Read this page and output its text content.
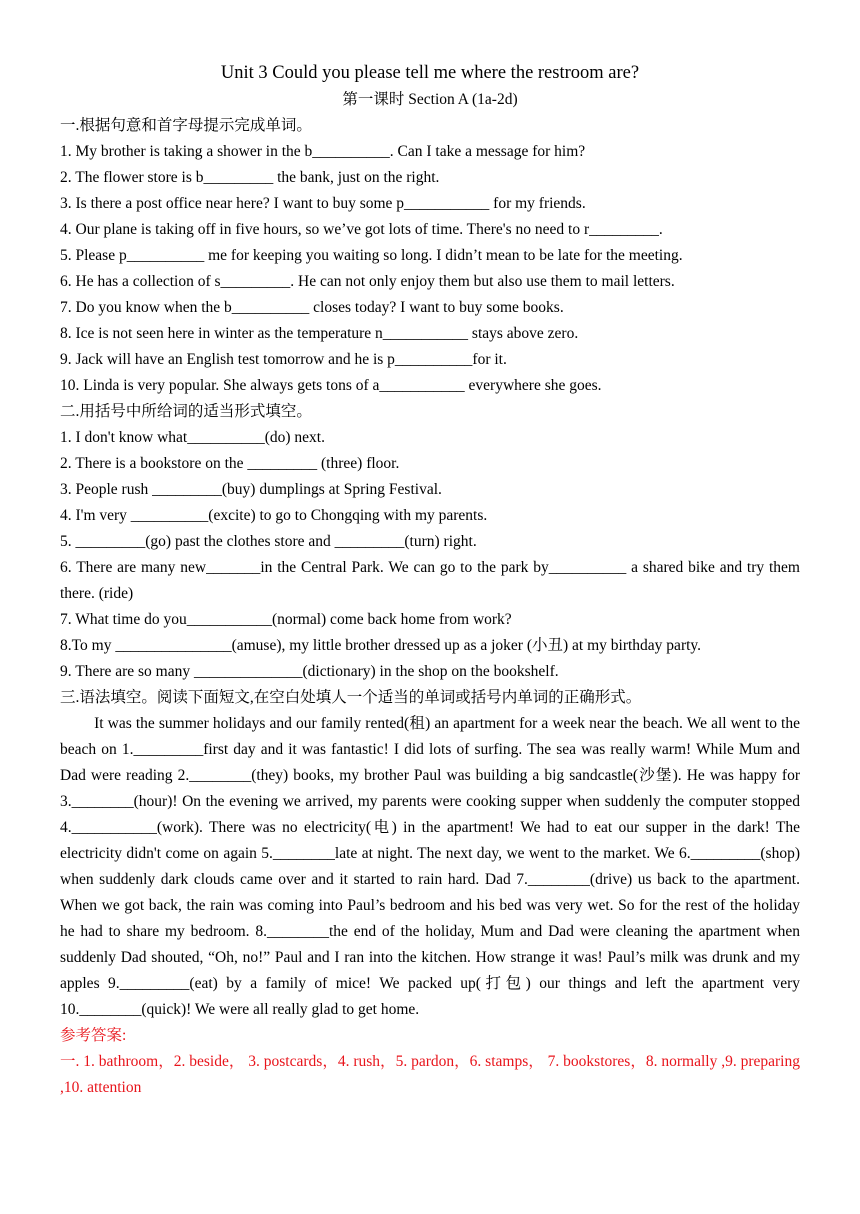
Unit 3 Could you please tell me where the restroom are?
第一课时 Section A (1a-2d)
一.根据句意和首字母提示完成单词。
1. My brother is taking a shower in the b__________. Can I take a message for him?
2. The flower store is b_________ the bank, just on the right.
3. Is there a post office near here? I want to buy some p___________ for my friends.
4. Our plane is taking off in five hours, so we’ve got lots of time. There's no need to r_________.
5. Please p__________ me for keeping you waiting so long. I didn’t mean to be late for the meeting.
6. He has a collection of s_________. He can not only enjoy them but also use them to mail letters.
7. Do you know when the b__________ closes today? I want to buy some books.
8. Ice is not seen here in winter as the temperature n___________ stays above zero.
9. Jack will have an English test tomorrow and he is p__________for it.
10. Linda is very popular. She always gets tons of a___________ everywhere she goes.
二.用括号中所给词的适当形式填空。
1. I don't know what__________(do) next.
2. There is a bookstore on the _________ (three) floor.
3. People rush _________(buy) dumplings at Spring Festival.
4. I'm very __________(excite) to go to Chongqing with my parents.
5. _________(go) past the clothes store and _________(turn) right.
6. There are many new_______in the Central Park. We can go to the park by__________ a shared bike and try them there. (ride)
7. What time do you___________(normal) come back home from work?
8.To my _______________(amuse), my little brother dressed up as a joker (小丑) at my birthday party.
9. There are so many ______________(dictionary) in the shop on the bookshelf.
三.语法填空。阅读下面短文,在空白处填人一个适当的单词或括号内单词的正确形式。
It was the summer holidays and our family rented(租) an apartment for a week near the beach. We all went to the beach on 1._________first day and it was fantastic! I did lots of surfing. The sea was really warm! While Mum and Dad were reading 2.________(they) books, my brother Paul was building a big sandcastle(沙堡). He was happy for 3.________(hour)! On the evening we arrived, my parents were cooking supper when suddenly the computer stopped 4.___________(work). There was no electricity(电) in the apartment! We had to eat our supper in the dark! The electricity didn't come on again 5.________late at night. The next day, we went to the market. We 6._________(shop) when suddenly dark clouds came over and it started to rain hard. Dad 7.________(drive) us back to the apartment. When we got back, the rain was coming into Paul’s bedroom and his bed was very wet. So for the rest of the holiday he had to share my bedroom. 8.________the end of the holiday, Mum and Dad were cleaning the apartment when suddenly Dad shouted, “Oh, no!” Paul and I ran into the kitchen. How strange it was! Paul’s milk was drunk and my apples 9._________(eat) by a family of mice! We packed up(打包) our things and left the apartment very 10.________(quick)! We were all really glad to get home.
参考答案:
一. 1. bathroom，2. beside， 3. postcards，4. rush，5. pardon，6. stamps， 7. bookstores，8. normally ,9. preparing ,10. attention
